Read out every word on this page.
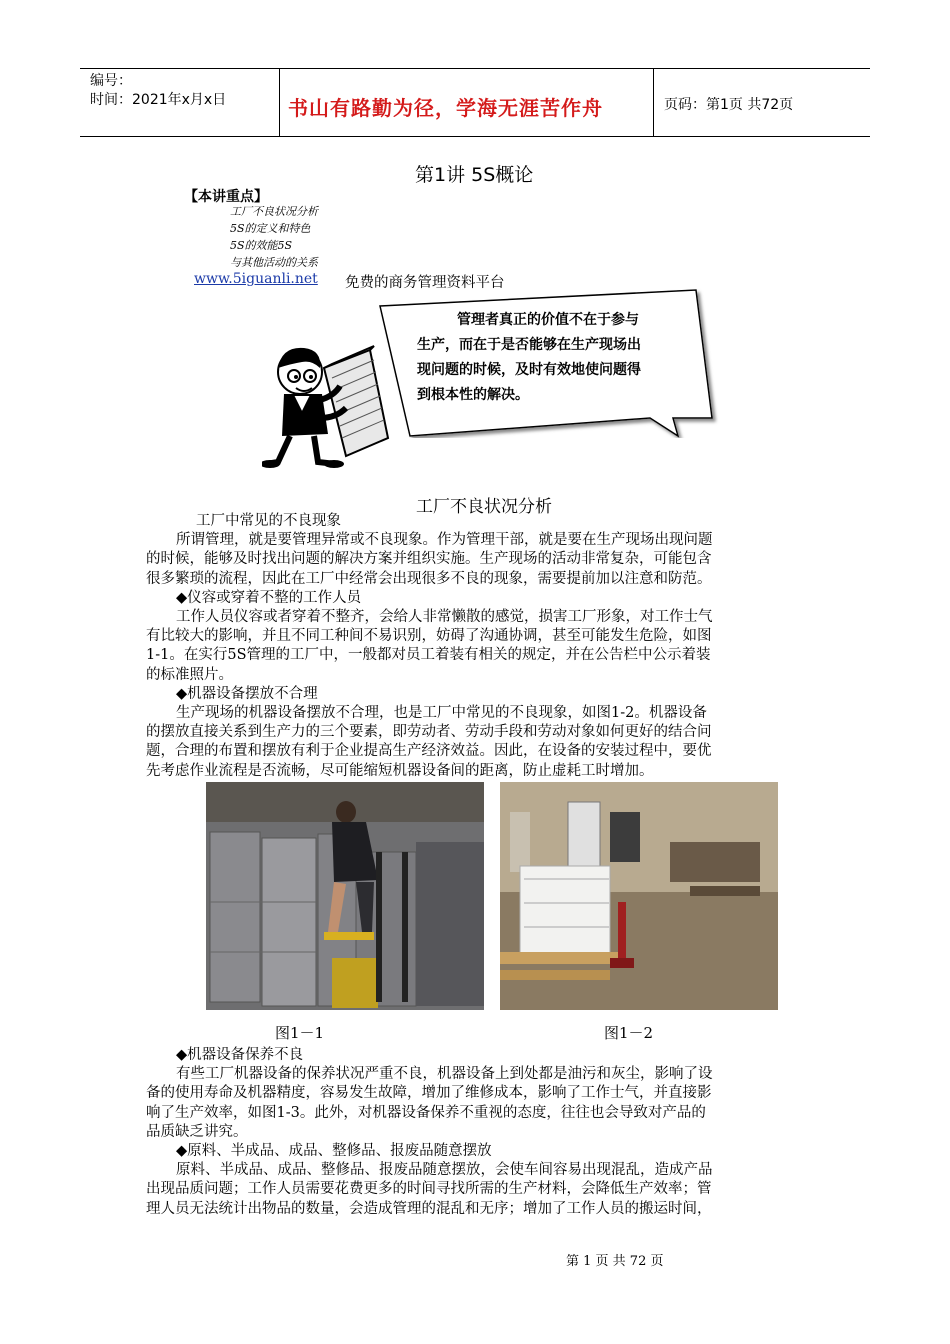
编号：
时间：2021年x月x日	书山有路勤为径，学海无涯苦作舟	页码：第1页 共72页
第1讲 5S概论
【本讲重点】
工厂不良状况分析
5S的定义和特色
5S的效能5S
与其他活动的关系
www.5iguanli.net 免费的商务管理资料平台
管理者真正的价值不在于参与
生产，而在于是否能够在生产现场出
现问题的时候，及时有效地使问题得
到根本性的解决。
工厂不良状况分析
工厂中常见的不良现象
所谓管理，就是要管理异常或不良现象。作为管理干部，就是要在生产现场出现问题
的时候，能够及时找出问题的解决方案并组织实施。生产现场的活动非常复杂，可能包含
很多繁琐的流程，因此在工厂中经常会出现很多不良的现象，需要提前加以注意和防范。
◆仪容或穿着不整的工作人员
工作人员仪容或者穿着不整齐，会给人非常懒散的感觉，损害工厂形象，对工作士气
有比较大的影响，并且不同工种间不易识别，妨碍了沟通协调，甚至可能发生危险，如图
1-1。在实行5S管理的工厂中，一般都对员工着装有相关的规定，并在公告栏中公示着装
的标准照片。
◆机器设备摆放不合理
生产现场的机器设备摆放不合理，也是工厂中常见的不良现象，如图1-2。机器设备
的摆放直接关系到生产力的三个要素，即劳动者、劳动手段和劳动对象如何更好的结合问
题，合理的布置和摆放有利于企业提高生产经济效益。因此，在设备的安装过程中，要优
先考虑作业流程是否流畅，尽可能缩短机器设备间的距离，防止虚耗工时增加。
图1－1	图1－2
◆机器设备保养不良
有些工厂机器设备的保养状况严重不良，机器设备上到处都是油污和灰尘，影响了设
备的使用寿命及机器精度，容易发生故障，增加了维修成本，影响了工作士气，并直接影
响了生产效率，如图1-3。此外，对机器设备保养不重视的态度，往往也会导致对产品的
品质缺乏讲究。
◆原料、半成品、成品、整修品、报废品随意摆放
原料、半成品、成品、整修品、报废品随意摆放，会使车间容易出现混乱，造成产品
出现品质问题；工作人员需要花费更多的时间寻找所需的生产材料，会降低生产效率；管
理人员无法统计出物品的数量，会造成管理的混乱和无序；增加了工作人员的搬运时间，
第 1 页 共 72 页
